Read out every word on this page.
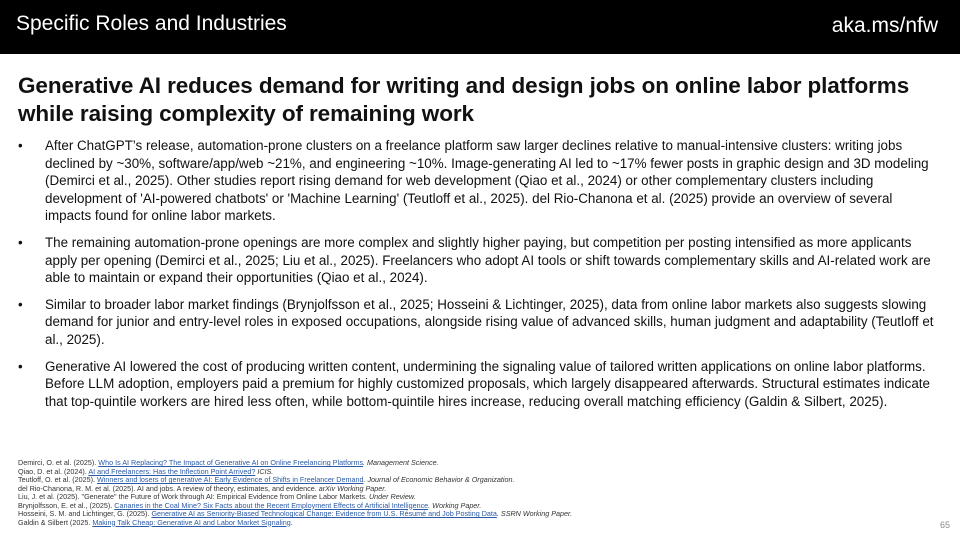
Specific Roles and Industries	aka.ms/nfw
Generative AI reduces demand for writing and design jobs on online labor platforms while raising complexity of remaining work
• After ChatGPT’s release, automation-prone clusters on a freelance platform saw larger declines relative to manual-intensive clusters: writing jobs declined by ~30%, software/app/web ~21%, and engineering ~10%. Image-generating AI led to ~17% fewer posts in graphic design and 3D modeling (Demirci et al., 2025). Other studies report rising demand for web development (Qiao et al., 2024) or other complementary clusters including development of 'AI-powered chatbots' or 'Machine Learning' (Teutloff et al., 2025). del Rio-Chanona et al. (2025) provide an overview of several impacts found for online labor markets.
• The remaining automation-prone openings are more complex and slightly higher paying, but competition per posting intensified as more applicants apply per opening (Demirci et al., 2025; Liu et al., 2025). Freelancers who adopt AI tools or shift towards complementary skills and AI-related work are able to maintain or expand their opportunities (Qiao et al., 2024).
• Similar to broader labor market findings (Brynjolfsson et al., 2025; Hosseini & Lichtinger, 2025), data from online labor markets also suggests slowing demand for junior and entry-level roles in exposed occupations, alongside rising value of advanced skills, human judgment and adaptability (Teutloff et al., 2025).
• Generative AI lowered the cost of producing written content, undermining the signaling value of tailored written applications on online labor platforms. Before LLM adoption, employers paid a premium for highly customized proposals, which largely disappeared afterwards. Structural estimates indicate that top-quintile workers are hired less often, while bottom-quintile hires increase, reducing overall matching efficiency (Galdin & Silbert, 2025).
Demirci, O. et al. (2025). Who Is AI Replacing? The Impact of Generative AI on Online Freelancing Platforms. Management Science.
Qiao, D. et al. (2024). AI and Freelancers: Has the Inflection Point Arrived? ICIS.
Teutloff, O. et al. (2025). Winners and losers of generative AI: Early Evidence of Shifts in Freelancer Demand. Journal of Economic Behavior & Organization.
del Rio-Chanona, R. M. et al. (2025). AI and jobs. A review of theory, estimates, and evidence. arXiv Working Paper.
Liu, J. et al. (2025). "Generate" the Future of Work through AI: Empirical Evidence from Online Labor Markets. Under Review.
Brynjolfsson, E. et al., (2025). Canaries in the Coal Mine? Six Facts about the Recent Employment Effects of Artificial Intelligence. Working Paper.
Hosseini, S. M. and Lichtinger, G. (2025). Generative AI as Seniority-Biased Technological Change: Evidence from U.S. Résumé and Job Posting Data. SSRN Working Paper.
Galdin & Silbert (2025. Making Talk Cheap: Generative AI and Labor Market Signaling.	65
